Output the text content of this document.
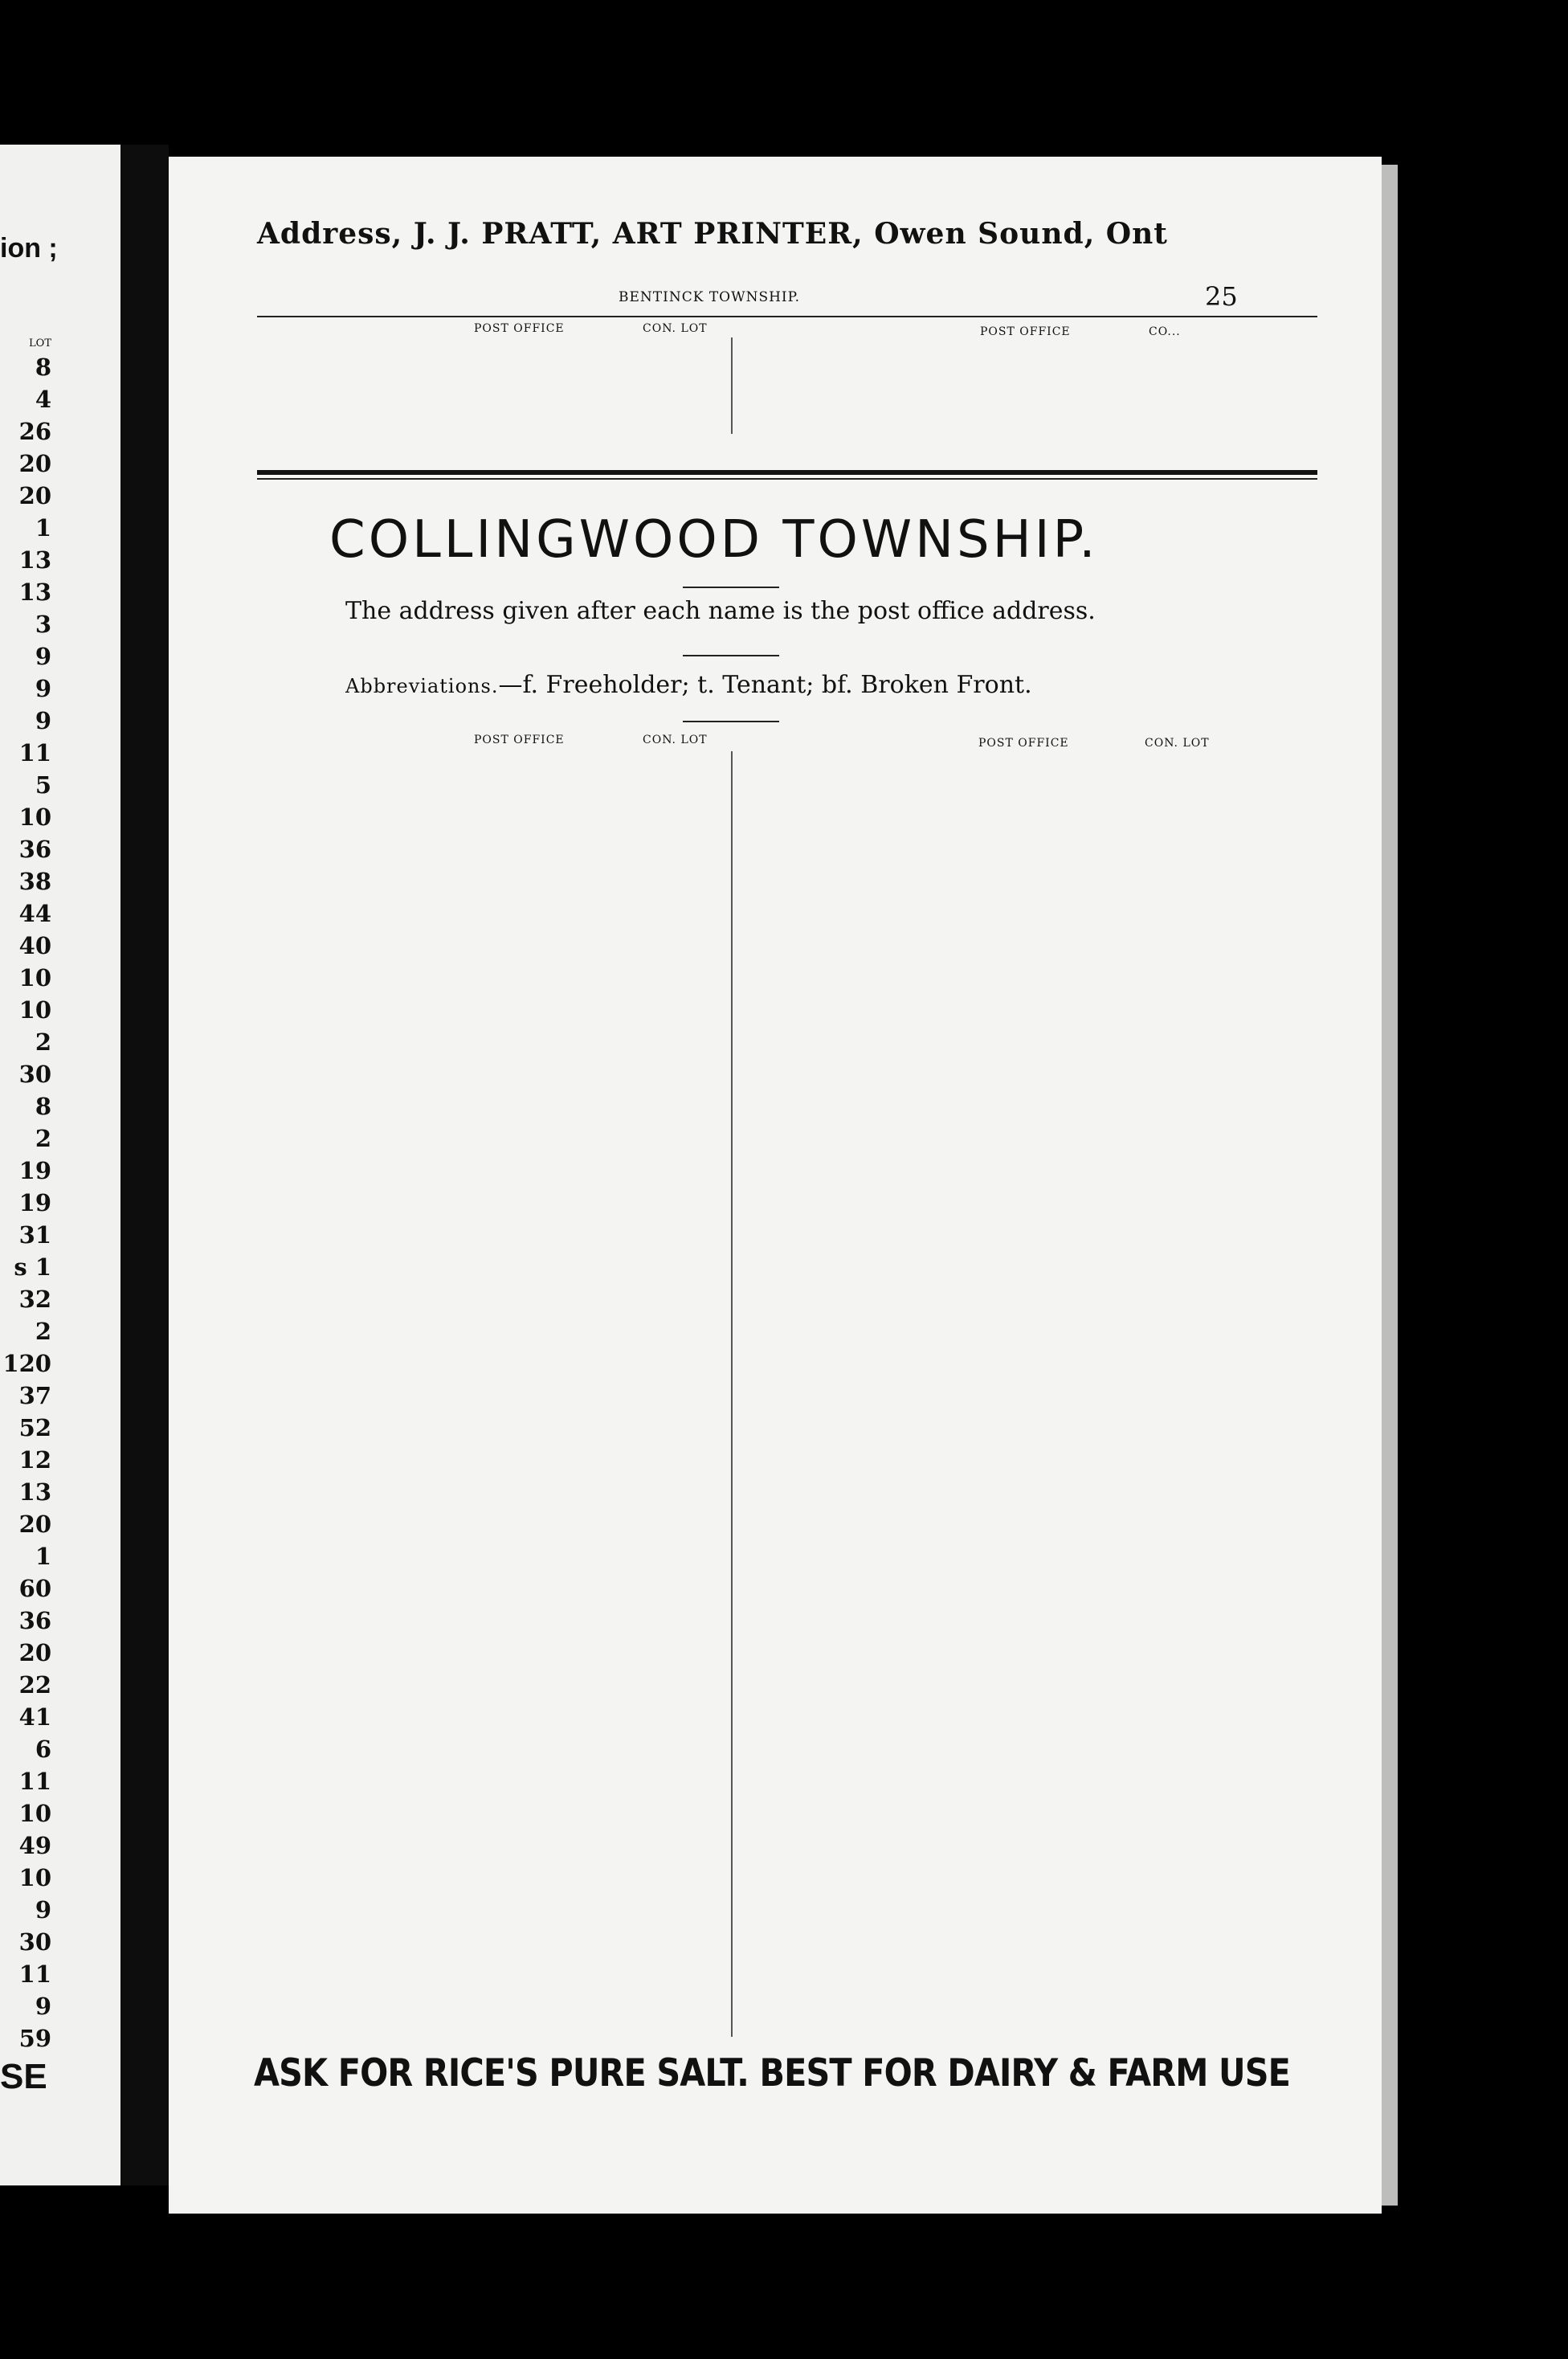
ion ;
LOT
8
4
26
20
20
1
13
13
3
9
9
9
11
5
10
36
38
44
40
10
10
2
30
8
2
19
19
31
s 1
32
2
120
37
52
12
13
20
1
60
36
20
22
41
6
11
10
49
10
9
30
11
9
59
SE
Address, J. J. PRATT, ART PRINTER, Owen Sound, Ont
BENTINCK TOWNSHIP.	25
POST OFFICE	CON. LOT	POST OFFICE	CO...
COLLINGWOOD TOWNSHIP.
The address given after each name is the post office address.
Abbreviations.—f. Freeholder; t. Tenant; bf. Broken Front.
POST OFFICE	CON. LOT	POST OFFICE	CON. LOT
ASK FOR RICE'S PURE SALT. BEST FOR DAIRY & FARM USE
